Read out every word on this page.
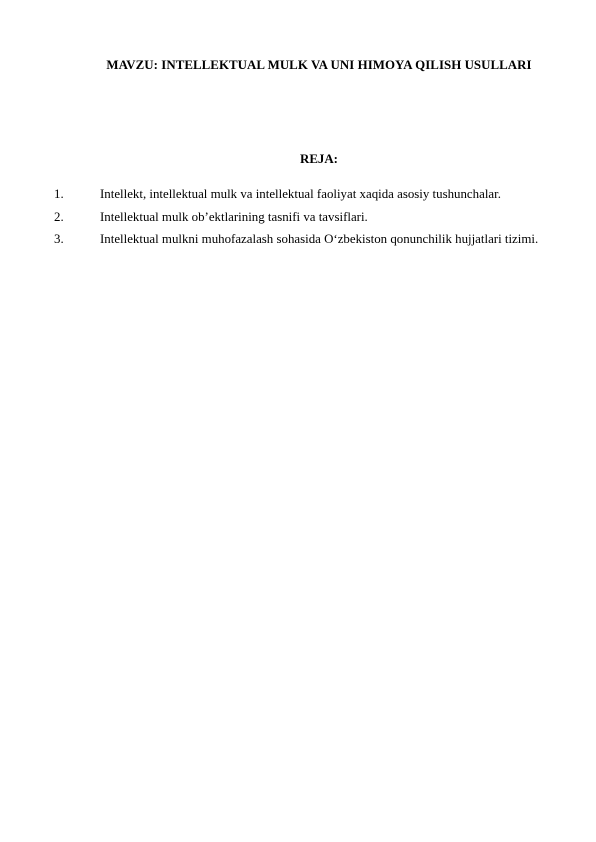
MAVZU: INTELLEKTUAL MULK VA UNI HIMOYA QILISH USULLARI
REJA:
1.	Intellekt, intellektual mulk va intellektual faoliyat xaqida asosiy tushunchalar.
2.	Intellektual mulk ob’ektlarining tasnifi va tavsiflari.
3.	Intellektual mulkni muhofazalash sohasida O‘zbekiston qonunchilik hujjatlari tizimi.
